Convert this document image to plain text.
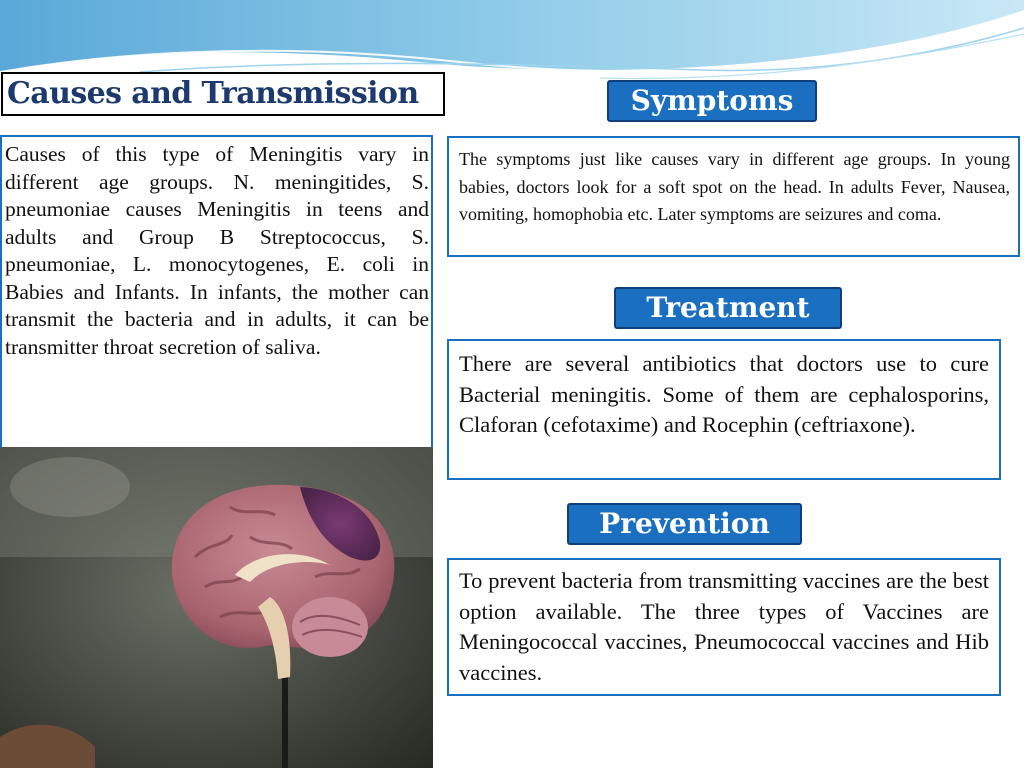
Causes and Transmission

Causes of this type of Meningitis vary in different age groups. N. meningitides, S. pneumoniae causes Meningitis in teens and adults and Group B Streptococcus, S. pneumoniae, L. monocytogenes, E. coli in Babies and Infants. In infants, the mother can transmit the bacteria and in adults, it can be transmitter throat secretion of saliva.

Symptoms

The symptoms just like causes vary in different age groups. In young babies, doctors look for a soft spot on the head. In adults Fever, Nausea, vomiting, homophobia etc. Later symptoms are seizures and coma.

Treatment

There are several antibiotics that doctors use to cure Bacterial meningitis. Some of them are cephalosporins, Claforan (cefotaxime) and Rocephin (ceftriaxone).

Prevention

To prevent bacteria from transmitting vaccines are the best option available. The three types of Vaccines are Meningococcal vaccines, Pneumococcal vaccines and Hib vaccines.
